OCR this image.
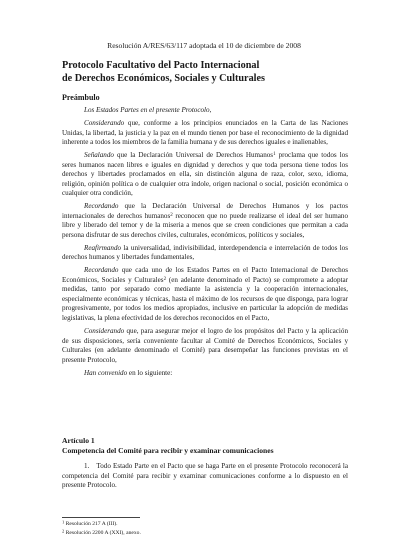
Resolución A/RES/63/117 adoptada el 10 de diciembre de 2008
Protocolo Facultativo del Pacto Internacional
de Derechos Económicos, Sociales y Culturales
Preámbulo

Los Estados Partes en el presente Protocolo,

Considerando que, conforme a los principios enunciados en la Carta de las Naciones Unidas, la libertad, la justicia y la paz en el mundo tienen por base el reconocimiento de la dignidad inherente a todos los miembros de la familia humana y de sus derechos iguales e inalienables,

Señalando que la Declaración Universal de Derechos Humanos$^1$ proclama que todos los seres humanos nacen libres e iguales en dignidad y derechos y que toda persona tiene todos los derechos y libertades proclamados en ella, sin distinción alguna de raza, color, sexo, idioma, religión, opinión política o de cualquier otra índole, origen nacional o social, posición económica o cualquier otra condición,

Recordando que la Declaración Universal de Derechos Humanos y los pactos internacionales de derechos humanos$^2$ reconocen que no puede realizarse el ideal del ser humano libre y liberado del temor y de la miseria a menos que se creen condiciones que permitan a cada persona disfrutar de sus derechos civiles, culturales, económicos, políticos y sociales,

Reafirmando la universalidad, indivisibilidad, interdependencia e interrelación de todos los derechos humanos y libertades fundamentales,

Recordando que cada uno de los Estados Partes en el Pacto Internacional de Derechos Económicos, Sociales y Culturales$^2$ (en adelante denominado el Pacto) se compromete a adoptar medidas, tanto por separado como mediante la asistencia y la cooperación internacionales, especialmente económicas y técnicas, hasta el máximo de los recursos de que disponga, para lograr progresivamente, por todos los medios apropiados, inclusive en particular la adopción de medidas legislativas, la plena efectividad de los derechos reconocidos en el Pacto,

Considerando que, para asegurar mejor el logro de los propósitos del Pacto y la aplicación de sus disposiciones, sería conveniente facultar al Comité de Derechos Económicos, Sociales y Culturales (en adelante denominado el Comité) para desempeñar las funciones previstas en el presente Protocolo,

Han convenido en lo siguiente:

Artículo 1
Competencia del Comité para recibir y examinar comunicaciones

1. Todo Estado Parte en el Pacto que se haga Parte en el presente Protocolo reconocerá la competencia del Comité para recibir y examinar comunicaciones conforme a lo dispuesto en el presente Protocolo.

$^1$ Resolución 217 A (III).
$^2$ Resolución 2200 A (XXI), anexo.
